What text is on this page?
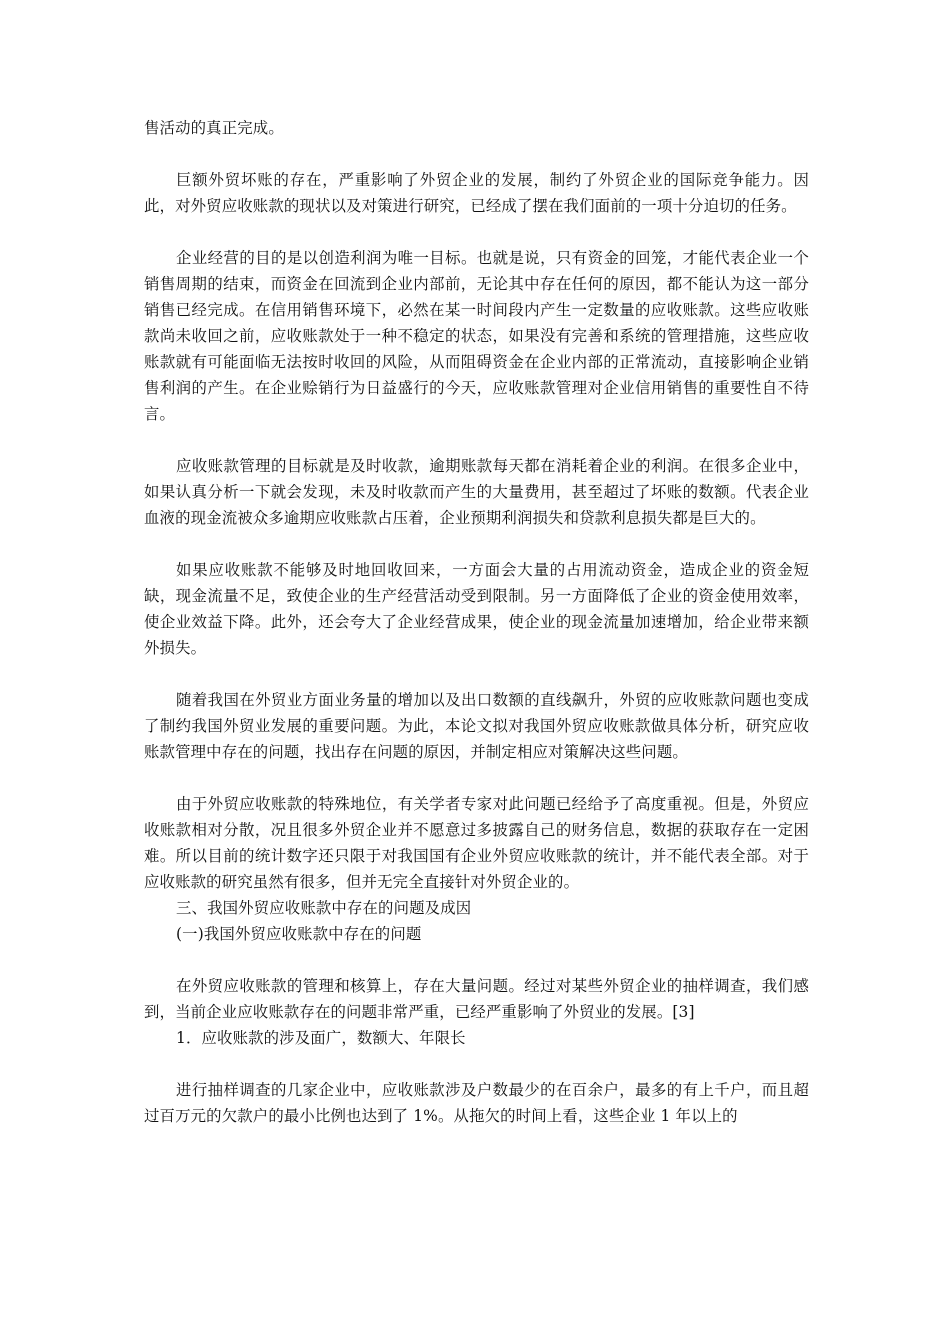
售活动的真正完成。

巨额外贸坏账的存在，严重影响了外贸企业的发展，制约了外贸企业的国际竞争能力。因此，对外贸应收账款的现状以及对策进行研究，已经成了摆在我们面前的一项十分迫切的任务。

企业经营的目的是以创造利润为唯一目标。也就是说，只有资金的回笼，才能代表企业一个销售周期的结束，而资金在回流到企业内部前，无论其中存在任何的原因，都不能认为这一部分销售已经完成。在信用销售环境下，必然在某一时间段内产生一定数量的应收账款。这些应收账款尚未收回之前，应收账款处于一种不稳定的状态，如果没有完善和系统的管理措施，这些应收账款就有可能面临无法按时收回的风险，从而阻碍资金在企业内部的正常流动，直接影响企业销售利润的产生。在企业赊销行为日益盛行的今天，应收账款管理对企业信用销售的重要性自不待言。

应收账款管理的目标就是及时收款，逾期账款每天都在消耗着企业的利润。在很多企业中，如果认真分析一下就会发现，未及时收款而产生的大量费用，甚至超过了坏账的数额。代表企业血液的现金流被众多逾期应收账款占压着，企业预期利润损失和贷款利息损失都是巨大的。

如果应收账款不能够及时地回收回来，一方面会大量的占用流动资金，造成企业的资金短缺，现金流量不足，致使企业的生产经营活动受到限制。另一方面降低了企业的资金使用效率，使企业效益下降。此外，还会夸大了企业经营成果，使企业的现金流量加速增加，给企业带来额外损失。

随着我国在外贸业方面业务量的增加以及出口数额的直线飙升，外贸的应收账款问题也变成了制约我国外贸业发展的重要问题。为此，本论文拟对我国外贸应收账款做具体分析，研究应收账款管理中存在的问题，找出存在问题的原因，并制定相应对策解决这些问题。

由于外贸应收账款的特殊地位，有关学者专家对此问题已经给予了高度重视。但是，外贸应收账款相对分散，况且很多外贸企业并不愿意过多披露自己的财务信息，数据的获取存在一定困难。所以目前的统计数字还只限于对我国国有企业外贸应收账款的统计，并不能代表全部。对于应收账款的研究虽然有很多，但并无完全直接针对外贸企业的。

三、我国外贸应收账款中存在的问题及成因

(一)我国外贸应收账款中存在的问题

在外贸应收账款的管理和核算上，存在大量问题。经过对某些外贸企业的抽样调查，我们感到，当前企业应收账款存在的问题非常严重，已经严重影响了外贸业的发展。[3]

1．应收账款的涉及面广，数额大、年限长

进行抽样调查的几家企业中，应收账款涉及户数最少的在百余户，最多的有上千户，而且超过百万元的欠款户的最小比例也达到了 1%。从拖欠的时间上看，这些企业 1 年以上的
